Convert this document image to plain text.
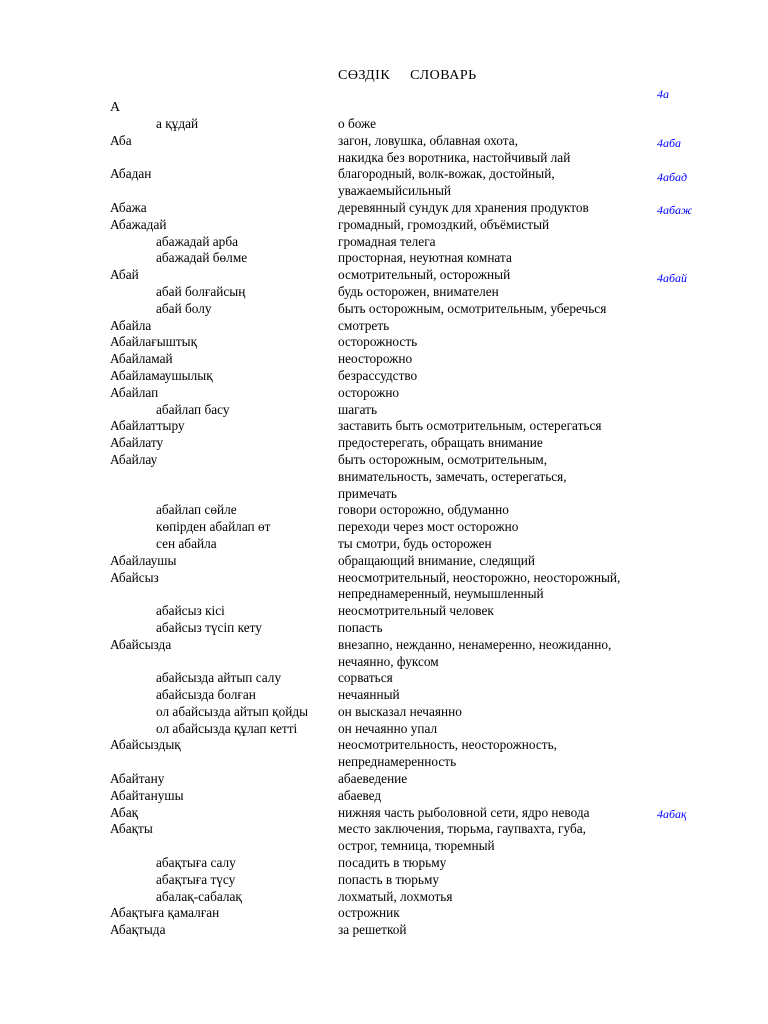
СӨЗДІК     СЛОВАРЬ
А
4а
4аба
4абад
4абаж
4абай
4абақ
а құдай	о боже
Аба	загон, ловушка, облавная охота,
накидка без воротника, настойчивый лай
Абадан	благородный, волк-вожак, достойный,
уважаемыйсильный
Абажа	деревянный сундук для хранения продуктов
Абажадай	громадный, громоздкий, объёмистый
абажадай арба	громадная телега
абажадай бөлме	просторная, неуютная комната
Абай	осмотрительный, осторожный
абай болғайсың	будь осторожен, внимателен
абай болу	быть осторожным, осмотрительным, уберечься
Абайла	смотреть
Абайлағыштық	осторожность
Абайламай	неосторожно
Абайламаушылық	безрассудство
Абайлап	осторожно
абайлап басу	шагать
Абайлаттыру	заставить быть осмотрительным, остерегаться
Абайлату	предостерегать, обращать внимание
Абайлау	быть осторожным, осмотрительным,
внимательность, замечать, остерегаться,
примечать
абайлап сөйле	говори осторожно, обдуманно
көпірден абайлап өт	переходи через мост осторожно
сен абайла	ты смотри, будь осторожен
Абайлаушы	обращающий внимание, следящий
Абайсыз	неосмотрительный, неосторожно, неосторожный,
непреднамеренный, неумышленный
абайсыз кісі	неосмотрительный человек
абайсыз түсіп кету	попасть
Абайсызда	внезапно, нежданно, ненамеренно, неожиданно,
нечаянно, фуксом
абайсызда айтып салу	сорваться
абайсызда болған	нечаянный
ол абайсызда айтып қойды он высказал нечаянно
ол абайсызда құлап кетті	он нечаянно упал
Абайсыздық	неосмотрительность, неосторожность,
непреднамеренность
Абайтану	абаеведение
Абайтанушы	абаевед
Абақ	нижняя часть рыболовной сети, ядро невода
Абақты	место заключения, тюрьма, гаупвахта, губа,
острог, темница, тюремный
абақтыға салу	посадить в тюрьму
абақтыға түсу	попасть в тюрьму
абалақ-сабалақ	лохматый, лохмотья
Абақтыға қамалған	острожник
Абақтыда	за решеткой
